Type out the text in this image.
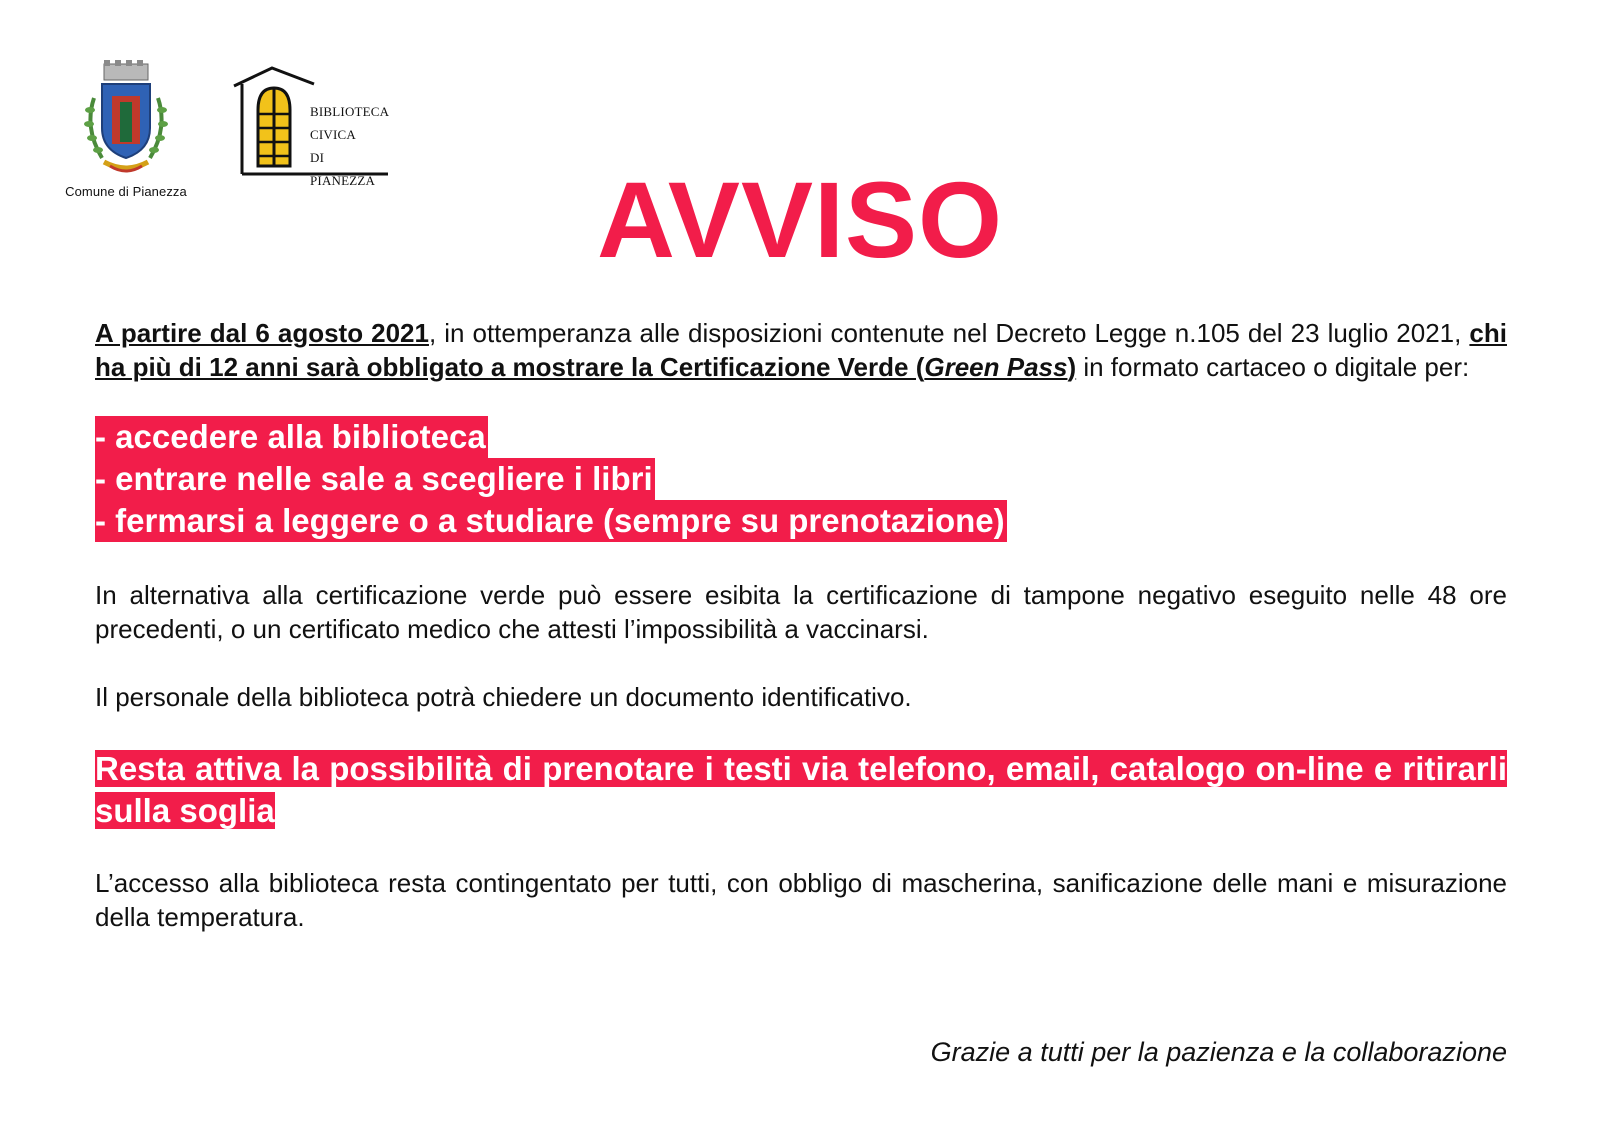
Comune di Pianezza
BIBLIOTECA
CIVICA
DI PIANEZZA	AVVISO

A partire dal 6 agosto 2021, in ottemperanza alle disposizioni contenute nel Decreto Legge n.105 del 23 luglio 2021, chi ha più di 12 anni sarà obbligato a mostrare la Certificazione Verde (Green Pass) in formato cartaceo o digitale per:

- accedere alla biblioteca
- entrare nelle sale a scegliere i libri
- fermarsi a leggere o a studiare (sempre su prenotazione)

In alternativa alla certificazione verde può essere esibita la certificazione di tampone negativo eseguito nelle 48 ore precedenti, o un certificato medico che attesti l’impossibilità a vaccinarsi.

Il personale della biblioteca potrà chiedere un documento identificativo.

Resta attiva la possibilità di prenotare i testi via telefono, email, catalogo on-line e ritirarli sulla soglia

L’accesso alla biblioteca resta contingentato per tutti, con obbligo di mascherina, sanificazione delle mani e misurazione della temperatura.

Grazie a tutti per la pazienza e la collaborazione
